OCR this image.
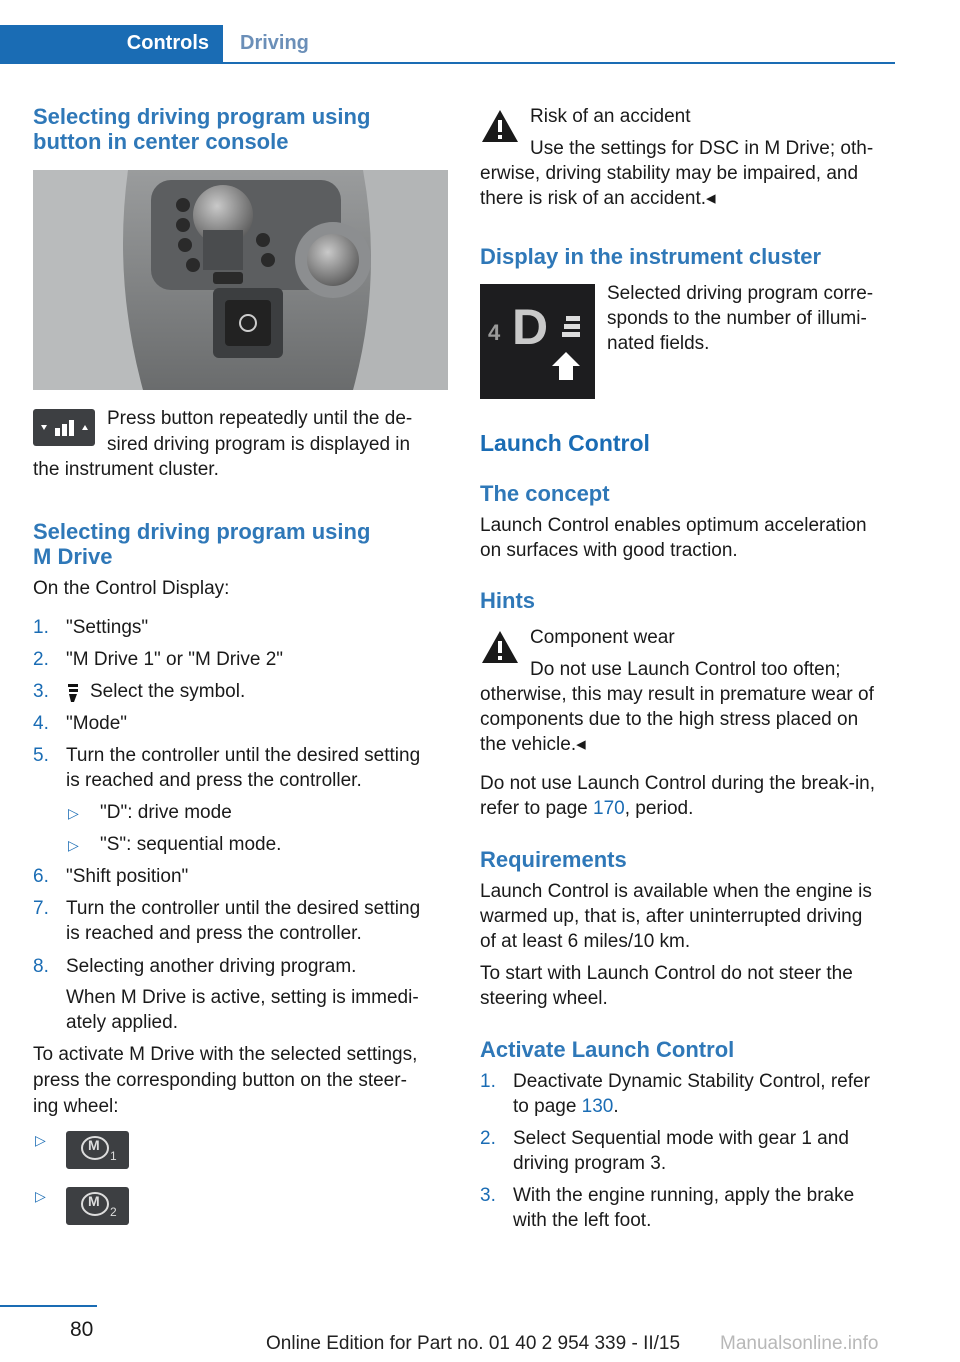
Controls	Driving
Selecting driving program using
button in center console

Press button repeatedly until the de-

sired driving program is displayed in

the instrument cluster.

Selecting driving program using
M Drive

On the Control Display:

1. "Settings"
2. "M Drive 1" or "M Drive 2"
3. Select the symbol.
4. "Mode"
5. Turn the controller until the desired setting
is reached and press the controller.
▷ "D": drive mode
▷ "S": sequential mode.
6. "Shift position"
7. Turn the controller until the desired setting
is reached and press the controller.
8. Selecting another driving program.
When M Drive is active, setting is immedi-
ately applied.

To activate M Drive with the selected settings,

press the corresponding button on the steer-

ing wheel:

▷	M
1
▷	M
2

Risk of an accident

Use the settings for DSC in M Drive; oth-

erwise, driving stability may be impaired, and

there is risk of an accident.◂

Display in the instrument cluster
4 D

Selected driving program corre-

sponds to the number of illumi-

nated fields.

Launch Control
The concept

Launch Control enables optimum acceleration

on surfaces with good traction.

Hints

Component wear

Do not use Launch Control too often;

otherwise, this may result in premature wear of

components due to the high stress placed on

the vehicle.◂

Do not use Launch Control during the break-in,

refer to page 170, period.

Requirements

Launch Control is available when the engine is

warmed up, that is, after uninterrupted driving

of at least 6 miles/10 km.

To start with Launch Control do not steer the

steering wheel.

Activate Launch Control
1. Deactivate Dynamic Stability Control, refer
to page 130.
2. Select Sequential mode with gear 1 and
driving program 3.
3. With the engine running, apply the brake
with the left foot.
80
Online Edition for Part no. 01 40 2 954 339 - II/15 Manualsonline.info
